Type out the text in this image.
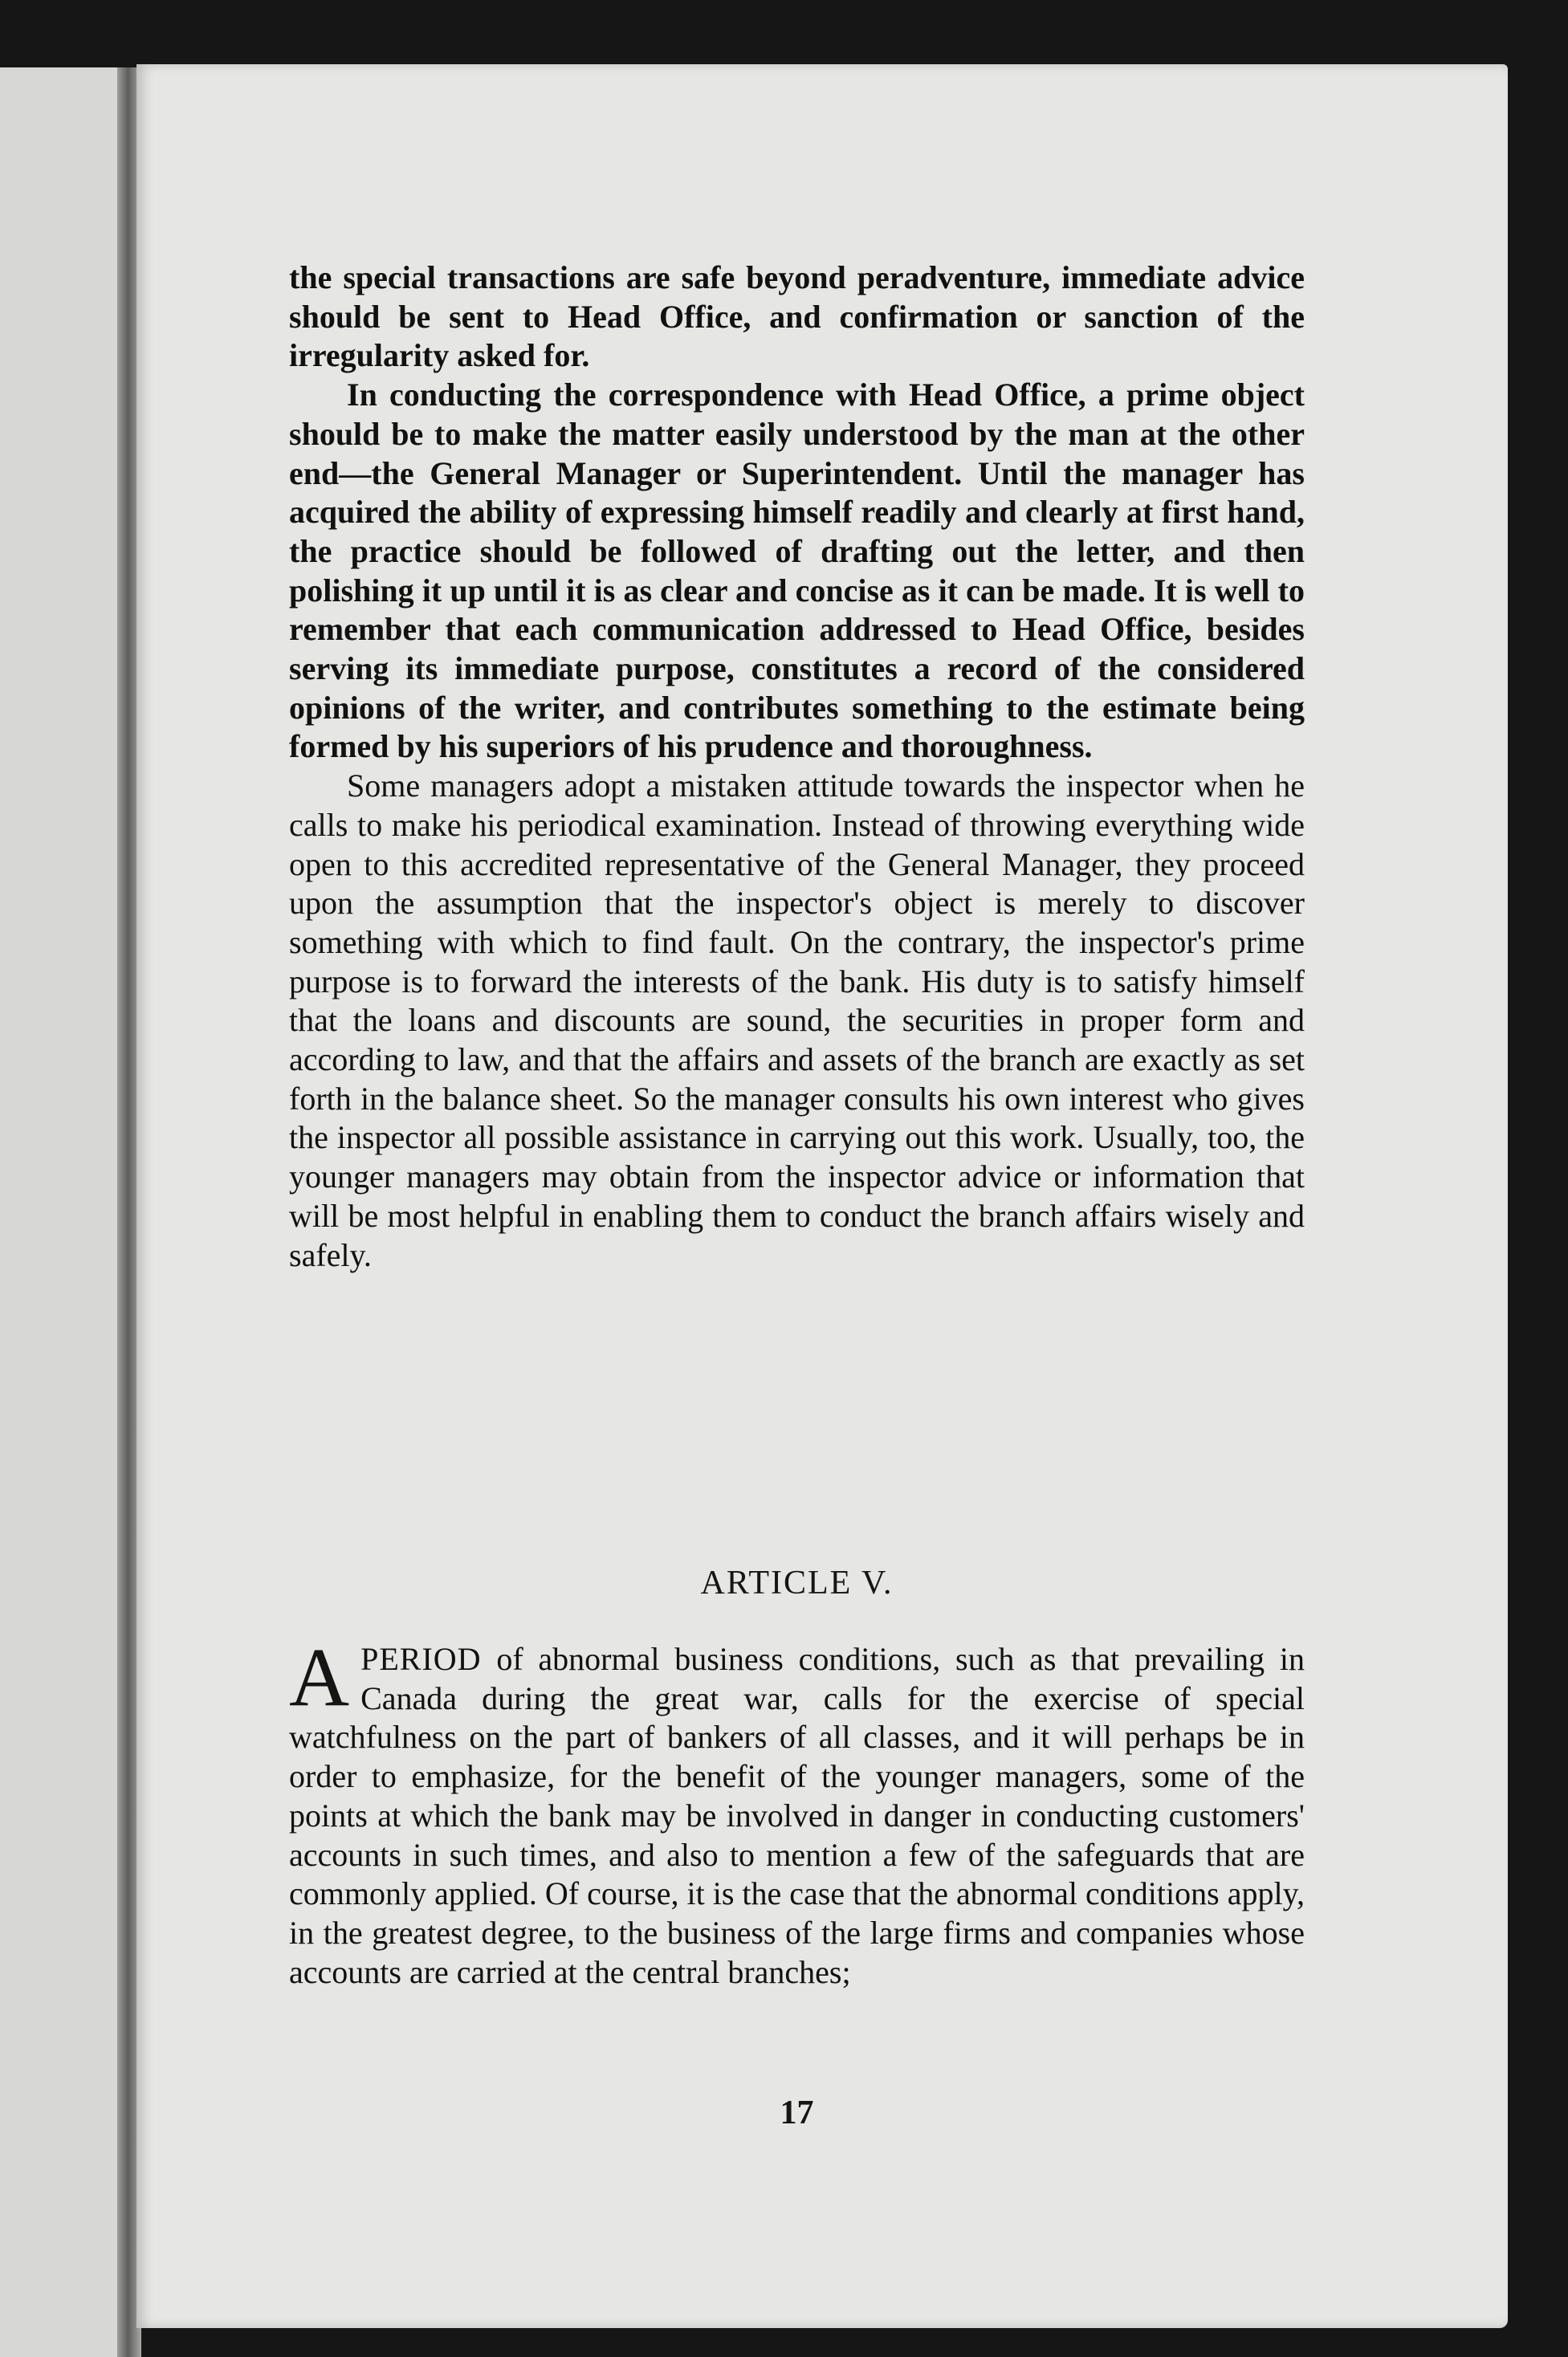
the special transactions are safe beyond peradventure, immediate advice should be sent to Head Office, and confirmation or sanction of the irregularity asked for.

In conducting the correspondence with Head Office, a prime object should be to make the matter easily understood by the man at the other end—the General Manager or Superintendent. Until the manager has acquired the ability of expressing himself readily and clearly at first hand, the practice should be followed of drafting out the letter, and then polishing it up until it is as clear and concise as it can be made. It is well to remember that each communication addressed to Head Office, besides serving its immediate purpose, constitutes a record of the considered opinions of the writer, and contributes something to the estimate being formed by his superiors of his prudence and thoroughness.

Some managers adopt a mistaken attitude towards the inspector when he calls to make his periodical examination. Instead of throwing everything wide open to this accredited representative of the General Manager, they proceed upon the assumption that the inspector's object is merely to discover something with which to find fault. On the contrary, the inspector's prime purpose is to forward the interests of the bank. His duty is to satisfy himself that the loans and discounts are sound, the securities in proper form and according to law, and that the affairs and assets of the branch are exactly as set forth in the balance sheet. So the manager consults his own interest who gives the inspector all possible assistance in carrying out this work. Usually, too, the younger managers may obtain from the inspector advice or information that will be most helpful in enabling them to conduct the branch affairs wisely and safely.

ARTICLE V.
APERIOD of abnormal business conditions, such as that prevailing in Canada during the great war, calls for the exercise of special watchfulness on the part of bankers of all classes, and it will perhaps be in order to emphasize, for the benefit of the younger managers, some of the points at which the bank may be involved in danger in conducting customers' accounts in such times, and also to mention a few of the safeguards that are commonly applied. Of course, it is the case that the abnormal conditions apply, in the greatest degree, to the business of the large firms and companies whose accounts are carried at the central branches;
17
